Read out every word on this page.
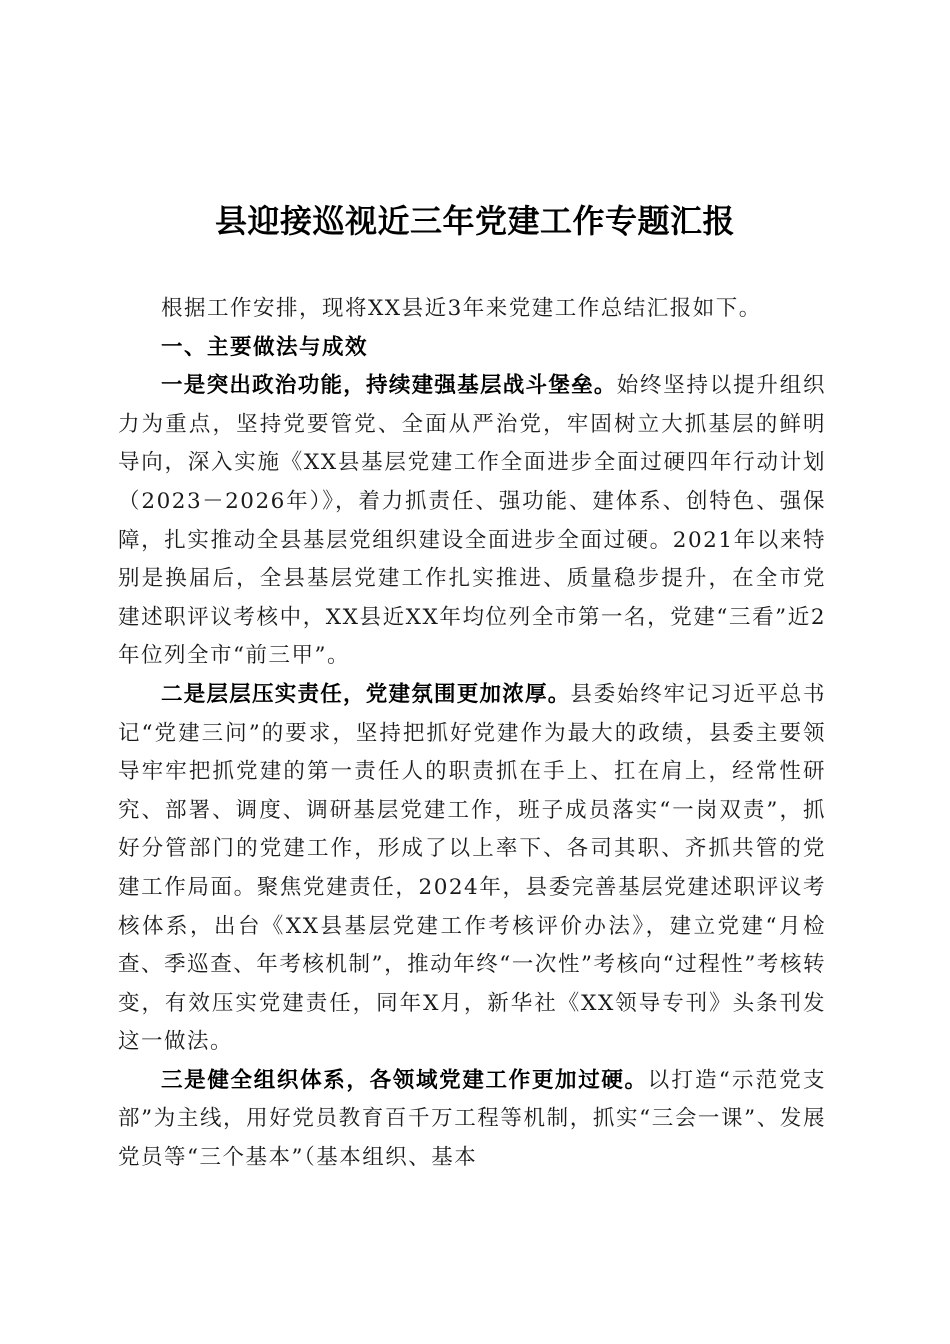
县迎接巡视近三年党建工作专题汇报

根据工作安排，现将XX县近3年来党建工作总结汇报如下。

一、主要做法与成效

一是突出政治功能，持续建强基层战斗堡垒。始终坚持以提升组织力为重点，坚持党要管党、全面从严治党，牢固树立大抓基层的鲜明导向，深入实施《XX县基层党建工作全面进步全面过硬四年行动计划（2023－2026年）》，着力抓责任、强功能、建体系、创特色、强保障，扎实推动全县基层党组织建设全面进步全面过硬。2021年以来特别是换届后，全县基层党建工作扎实推进、质量稳步提升，在全市党建述职评议考核中，XX县近XX年均位列全市第一名，党建“三看”近2年位列全市“前三甲”。

二是层层压实责任，党建氛围更加浓厚。县委始终牢记习近平总书记“党建三问”的要求，坚持把抓好党建作为最大的政绩，县委主要领导牢牢把抓党建的第一责任人的职责抓在手上、扛在肩上，经常性研究、部署、调度、调研基层党建工作，班子成员落实“一岗双责”，抓好分管部门的党建工作，形成了以上率下、各司其职、齐抓共管的党建工作局面。聚焦党建责任，2024年，县委完善基层党建述职评议考核体系，出台《XX县基层党建工作考核评价办法》，建立党建“月检查、季巡查、年考核机制”，推动年终“一次性”考核向“过程性”考核转变，有效压实党建责任，同年X月，新华社《XX领导专刊》头条刊发这一做法。

三是健全组织体系，各领域党建工作更加过硬。以打造“示范党支部”为主线，用好党员教育百千万工程等机制，抓实“三会一课”、发展党员等“三个基本”（基本组织、基本
